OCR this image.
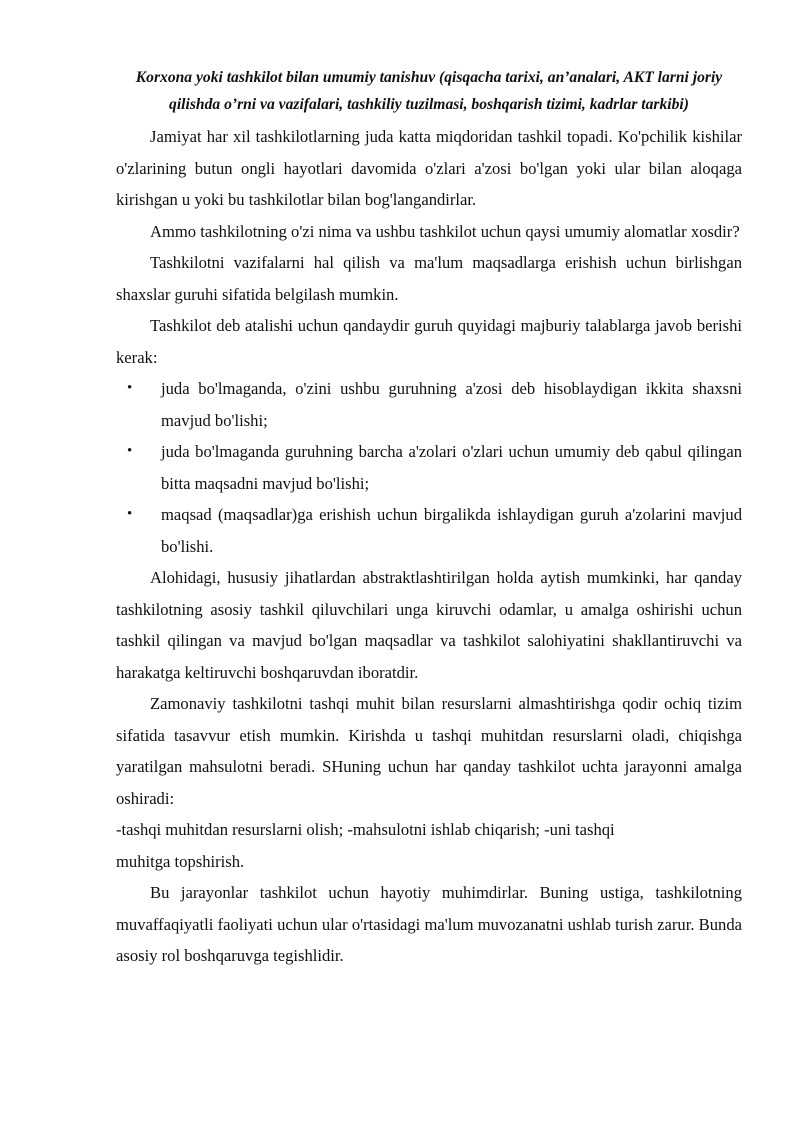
Korxona yoki tashkilot bilan umumiy tanishuv (qisqacha tarixi, an’analari, AKT larni joriy qilishda o’rni va vazifalari, tashkiliy tuzilmasi, boshqarish tizimi, kadrlar tarkibi)

Jamiyat har xil tashkilotlarning juda katta miqdoridan tashkil topadi. Ko'pchilik kishilar o'zlarining butun ongli hayotlari davomida o'zlari a'zosi bo'lgan yoki ular bilan aloqaga kirishgan u yoki bu tashkilotlar bilan bog'langandirlar.

Ammo tashkilotning o'zi nima va ushbu tashkilot uchun qaysi umumiy alomatlar xosdir?

Tashkilotni vazifalarni hal qilish va ma'lum maqsadlarga erishish uchun birlishgan shaxslar guruhi sifatida belgilash mumkin.

Tashkilot deb atalishi uchun qandaydir guruh quyidagi majburiy talablarga javob berishi kerak:

• juda bo'lmaganda, o'zini ushbu guruhning a'zosi deb hisoblaydigan ikkita shaxsni mavjud bo'lishi;
• juda bo'lmaganda guruhning barcha a'zolari o'zlari uchun umumiy deb qabul qilingan bitta maqsadni mavjud bo'lishi;
• maqsad (maqsadlar)ga erishish uchun birgalikda ishlaydigan guruh a'zolarini mavjud bo'lishi.

Alohidagi, hususiy jihatlardan abstraktlashtirilgan holda aytish mumkinki, har qanday tashkilotning asosiy tashkil qiluvchilari unga kiruvchi odamlar, u amalga oshirishi uchun tashkil qilingan va mavjud bo'lgan maqsadlar va tashkilot salohiyatini shakllantiruvchi va harakatga keltiruvchi boshqaruvdan iboratdir.

Zamonaviy tashkilotni tashqi muhit bilan resurslarni almashtirishga qodir ochiq tizim sifatida tasavvur etish mumkin. Kirishda u tashqi muhitdan resurslarni oladi, chiqishga yaratilgan mahsulotni beradi. SHuning uchun har qanday tashkilot uchta jarayonni amalga oshiradi:

-tashqi muhitdan resurslarni olish; -mahsulotni ishlab chiqarish; -uni tashqi

muhitga topshirish.

Bu jarayonlar tashkilot uchun hayotiy muhimdirlar. Buning ustiga, tashkilotning muvaffaqiyatli faoliyati uchun ular o'rtasidagi ma'lum muvozanatni ushlab turish zarur. Bunda asosiy rol boshqaruvga tegishlidir.
